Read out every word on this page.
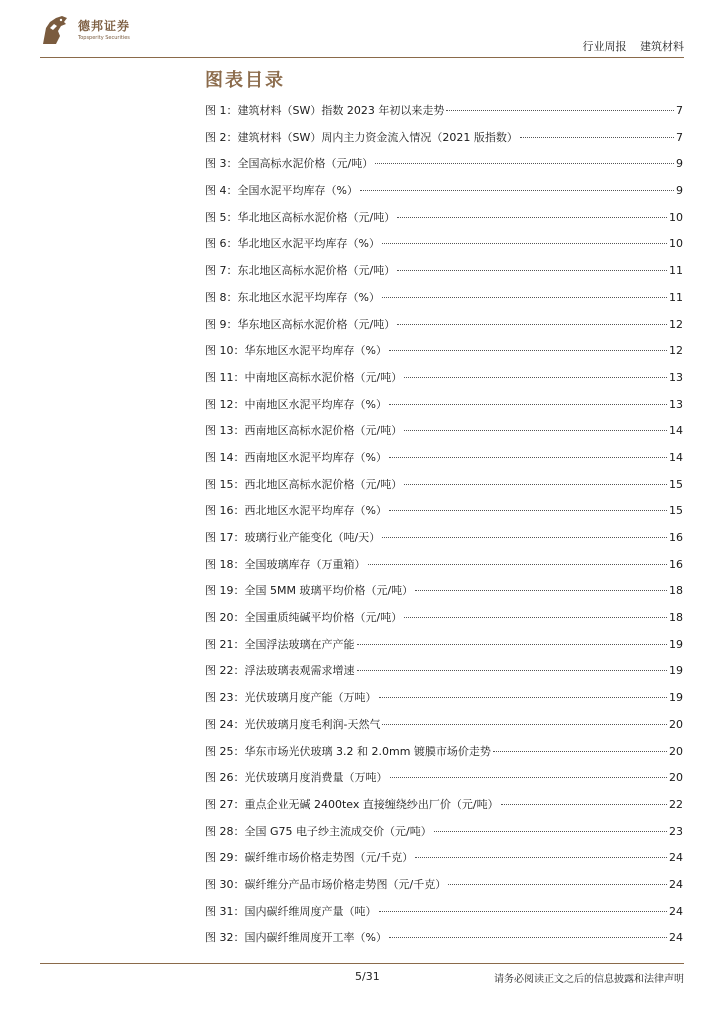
德邦证券
Topsperity Securities
行业周报 建筑材料
图表目录
图 1： 建筑材料（SW）指数 2023 年初以来走势	7
图 2： 建筑材料（SW）周内主力资金流入情况（2021 版指数）	7
图 3： 全国高标水泥价格（元/吨）	9
图 4： 全国水泥平均库存（%）	9
图 5： 华北地区高标水泥价格（元/吨）	10
图 6： 华北地区水泥平均库存（%）	10
图 7： 东北地区高标水泥价格（元/吨）	11
图 8： 东北地区水泥平均库存（%）	11
图 9： 华东地区高标水泥价格（元/吨）	12
图 10： 华东地区水泥平均库存（%）	12
图 11： 中南地区高标水泥价格（元/吨）	13
图 12： 中南地区水泥平均库存（%）	13
图 13： 西南地区高标水泥价格（元/吨）	14
图 14： 西南地区水泥平均库存（%）	14
图 15： 西北地区高标水泥价格（元/吨）	15
图 16： 西北地区水泥平均库存（%）	15
图 17： 玻璃行业产能变化（吨/天）	16
图 18： 全国玻璃库存（万重箱）	16
图 19： 全国 5MM 玻璃平均价格（元/吨）	18
图 20： 全国重质纯碱平均价格（元/吨）	18
图 21： 全国浮法玻璃在产产能	19
图 22： 浮法玻璃表观需求增速	19
图 23： 光伏玻璃月度产能（万吨）	19
图 24： 光伏玻璃月度毛利润-天然气	20
图 25： 华东市场光伏玻璃 3.2 和 2.0mm 镀膜市场价走势	20
图 26： 光伏玻璃月度消费量（万吨）	20
图 27： 重点企业无碱 2400tex 直接缠绕纱出厂价（元/吨）	22
图 28： 全国 G75 电子纱主流成交价（元/吨）	23
图 29： 碳纤维市场价格走势图（元/千克）	24
图 30： 碳纤维分产品市场价格走势图（元/千克）	24
图 31： 国内碳纤维周度产量（吨）	24
图 32： 国内碳纤维周度开工率（%）	24
5/31	请务必阅读正文之后的信息披露和法律声明
